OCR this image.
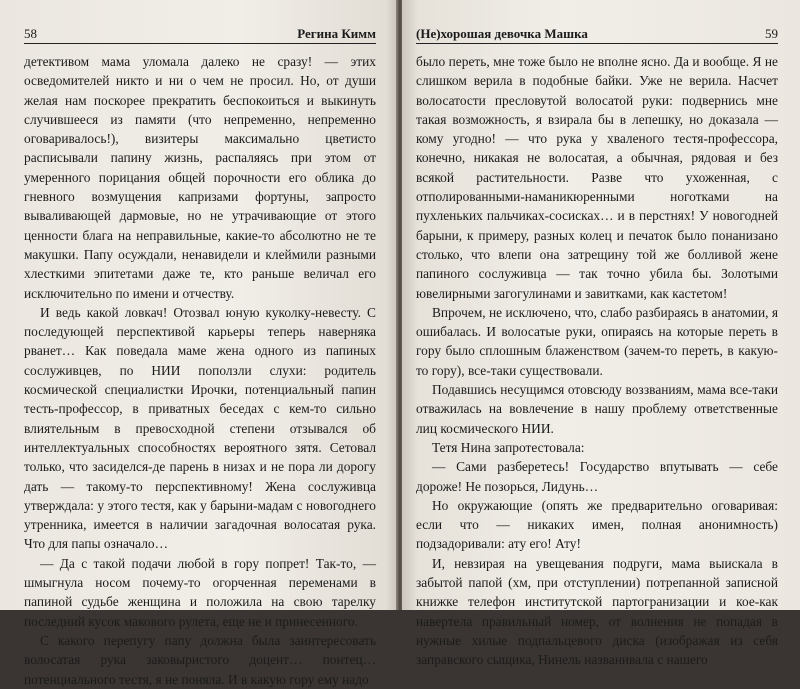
58	Регина Кимм

детективом мама уломала далеко не сразу! — этих осведомителей никто и ни о чем не просил. Но, от души желая нам поскорее прекратить беспокоиться и выкинуть случившееся из памяти (что непременно, непременно оговаривалось!), визитеры максимально цветисто расписывали папину жизнь, распаляясь при этом от умеренного порицания общей порочности его облика до гневного возмущения капризами фортуны, запросто вываливающей дармовые, но не утрачивающие от этого ценности блага на неправильные, какие-то абсолютно не те макушки. Папу осуждали, ненавидели и клеймили разными хлесткими эпитетами даже те, кто раньше величал его исключительно по имени и отчеству.

И ведь какой ловкач! Отозвал юную куколку-невесту. С последующей перспективой карьеры теперь наверняка рванет… Как поведала маме жена одного из папиных сослуживцев, по НИИ поползли слухи: родитель космической специалистки Ирочки, потенциальный папин тесть-профессор, в приватных беседах с кем-то сильно влиятельным в превосходной степени отзывался об интеллектуальных способностях вероятного зятя. Сетовал только, что засиделся-де парень в низах и не пора ли дорогу дать — такому-то перспективному! Жена сослуживца утверждала: у этого тестя, как у барыни-мадам с новогоднего утренника, имеется в наличии загадочная волосатая рука. Что для папы означало…

— Да с такой подачи любой в гору попрет! Так-то, — шмыгнула носом почему-то огорченная переменами в папиной судьбе женщина и положила на свою тарелку последний кусок макового рулета, еще не и принесенного.

С какого перепугу папу должна была заинтересовать волосатая рука заковыристого доцент… понтец… потенциального тестя, я не поняла. И в какую гору ему надо

(Не)хорошая девочка Машка	59

было переть, мне тоже было не вполне ясно. Да и вообще. Я не слишком верила в подобные байки. Уже не верила. Насчет волосатости пресловутой волосатой руки: подвернись мне такая возможность, я взирала бы в лепешку, но доказала — кому угодно! — что рука у хваленого тестя-профессора, конечно, никакая не волосатая, а обычная, рядовая и без всякой растительности. Разве что ухоженная, с отполированными-наманикюренными ноготками на пухленьких пальчиках-сосисках… и в перстнях! У новогодней барыни, к примеру, разных колец и печаток было понанизано столько, что влепи она затрещину той же болливой жене папиного сослуживца — так точно убила бы. Золотыми ювелирными загогулинами и завитками, как кастетом!

Впрочем, не исключено, что, слабо разбираясь в анатомии, я ошибалась. И волосатые руки, опираясь на которые переть в гору было сплошным блаженством (зачем-то переть, в какую-то гору), все-таки существовали.

Подавшись несущимся отовсюду воззваниям, мама все-таки отважилась на вовлечение в нашу проблему ответственные лиц космического НИИ.

Тетя Нина запротестовала:

— Сами разберетесь! Государство впутывать — себе дороже! Не позорься, Лидунь…

Но окружающие (опять же предварительно оговаривая: если что — никаких имен, полная анонимность) подзадоривали: ату его! Ату!

И, невзирая на увещевания подруги, мама выискала в забытой папой (хм, при отступлении) потрепанной записной книжке телефон институтской партогранизации и кое-как навертела правильный номер, от волнения не попадая в нужные хилые подпальцевого диска (изображая из себя заправского сыщика, Нинель названивала с нашего
